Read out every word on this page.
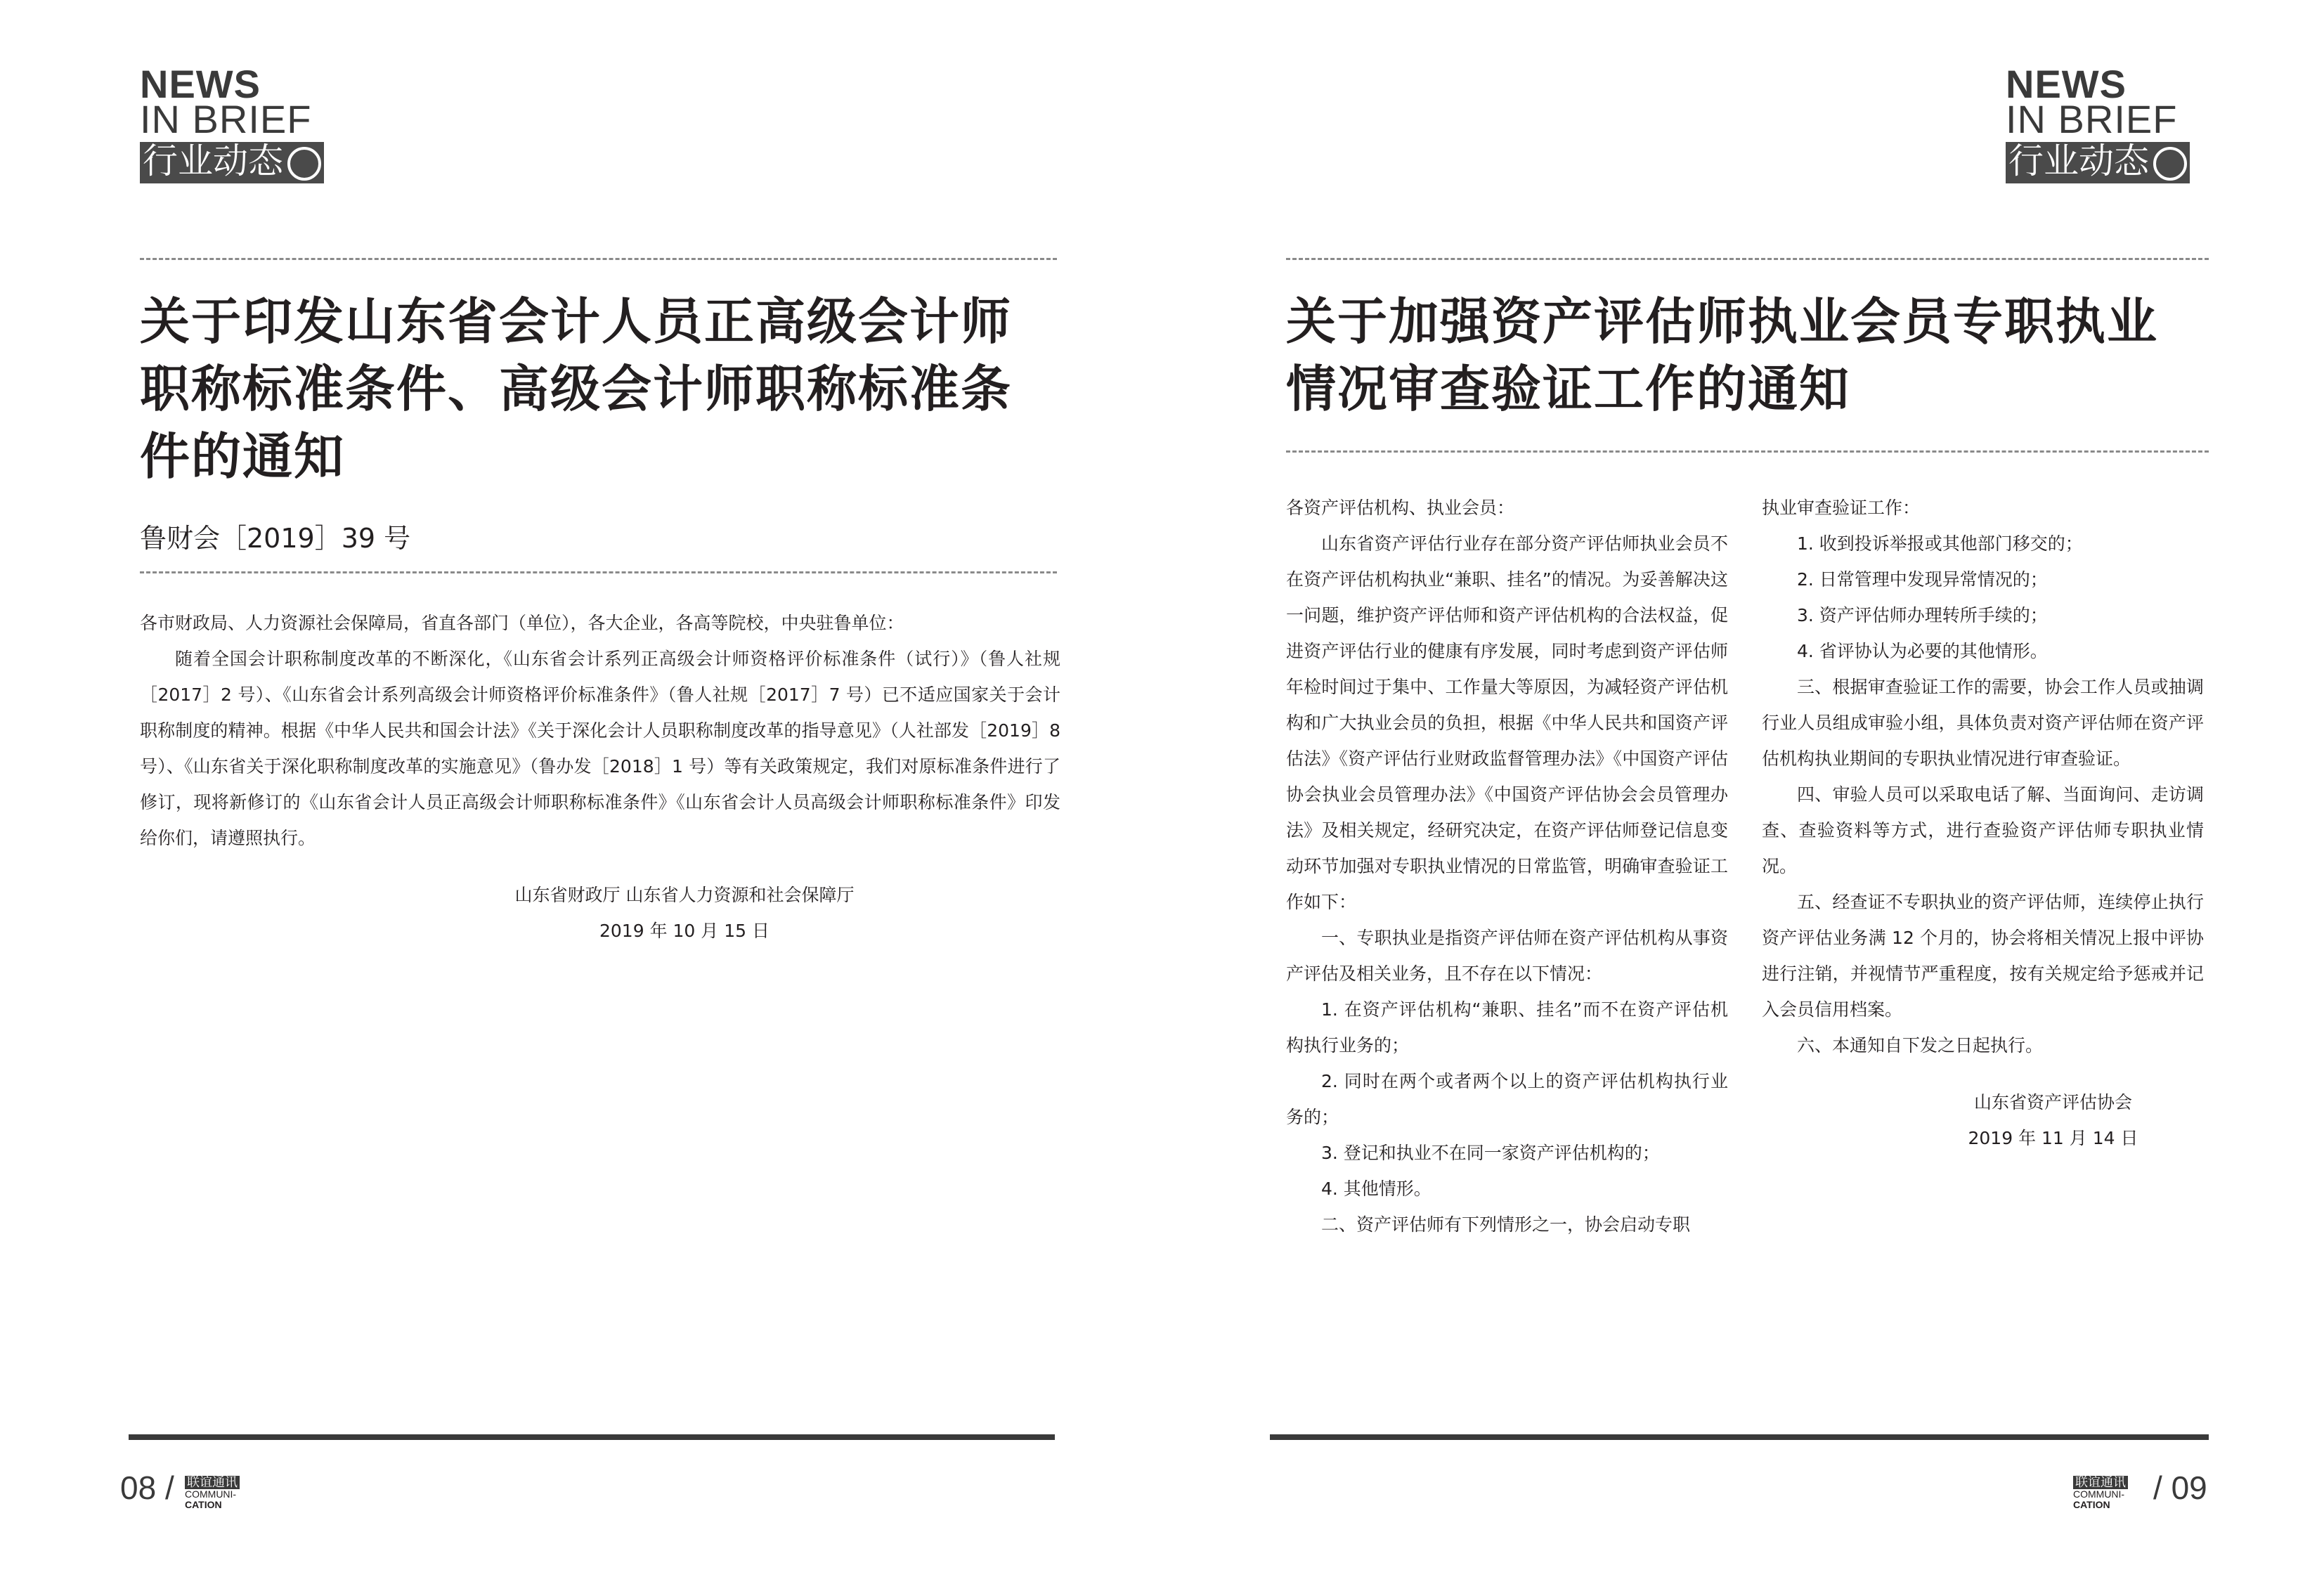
NEWS
IN BRIEF
行业动态
关于印发山东省会计人员正高级会计师
职称标准条件、高级会计师职称标准条
件的通知
鲁财会［2019］39 号

各市财政局、人力资源社会保障局，省直各部门（单位），各大企业，各高等院校，中央驻鲁单位：

随着全国会计职称制度改革的不断深化，《山东省会计系列正高级会计师资格评价标准条件（试行）》（鲁人社规［2017］2 号）、《山东省会计系列高级会计师资格评价标准条件》（鲁人社规［2017］7 号）已不适应国家关于会计职称制度的精神。根据《中华人民共和国会计法》《关于深化会计人员职称制度改革的指导意见》（人社部发［2019］8 号）、《山东省关于深化职称制度改革的实施意见》（鲁办发［2018］1 号）等有关政策规定，我们对原标准条件进行了修订，现将新修订的《山东省会计人员正高级会计师职称标准条件》《山东省会计人员高级会计师职称标准条件》印发给你们，请遵照执行。

山东省财政厅 山东省人力资源和社会保障厅

2019 年 10 月 15 日

08 / 联谊通讯
COMMUNI-
CATION
NEWS
IN BRIEF
行业动态
关于加强资产评估师执业会员专职执业
情况审查验证工作的通知

各资产评估机构、执业会员：

山东省资产评估行业存在部分资产评估师执业会员不在资产评估机构执业“兼职、挂名”的情况。为妥善解决这一问题，维护资产评估师和资产评估机构的合法权益，促进资产评估行业的健康有序发展，同时考虑到资产评估师年检时间过于集中、工作量大等原因，为减轻资产评估机构和广大执业会员的负担，根据《中华人民共和国资产评估法》《资产评估行业财政监督管理办法》《中国资产评估协会执业会员管理办法》《中国资产评估协会会员管理办法》及相关规定，经研究决定，在资产评估师登记信息变动环节加强对专职执业情况的日常监管，明确审查验证工作如下：

一、专职执业是指资产评估师在资产评估机构从事资产评估及相关业务，且不存在以下情况：

1. 在资产评估机构“兼职、挂名”而不在资产评估机构执行业务的；

2. 同时在两个或者两个以上的资产评估机构执行业务的；

3. 登记和执业不在同一家资产评估机构的；

4. 其他情形。

二、资产评估师有下列情形之一，协会启动专职

执业审查验证工作：

1. 收到投诉举报或其他部门移交的；

2. 日常管理中发现异常情况的；

3. 资产评估师办理转所手续的；

4. 省评协认为必要的其他情形。

三、根据审查验证工作的需要，协会工作人员或抽调行业人员组成审验小组，具体负责对资产评估师在资产评估机构执业期间的专职执业情况进行审查验证。

四、审验人员可以采取电话了解、当面询问、走访调查、查验资料等方式，进行查验资产评估师专职执业情况。

五、经查证不专职执业的资产评估师，连续停止执行资产评估业务满 12 个月的，协会将相关情况上报中评协进行注销，并视情节严重程度，按有关规定给予惩戒并记入会员信用档案。

六、本通知自下发之日起执行。

山东省资产评估协会

2019 年 11 月 14 日

联谊通讯
COMMUNI-
CATION	/ 09
